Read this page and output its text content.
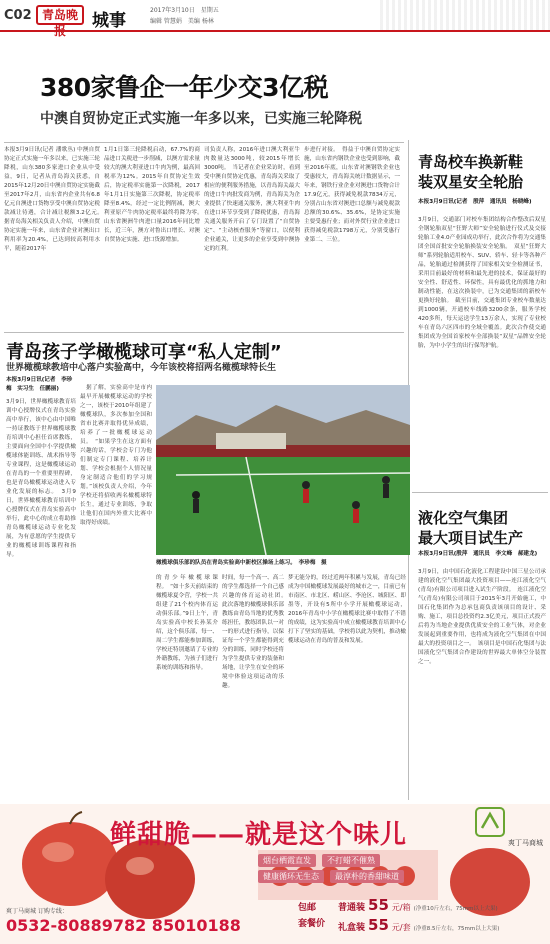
C02 青岛晚报	城事
2017年3月10日　星期五
编辑 管慧娟　美编 杨林
380家鲁企一年少交3亿税
中澳自贸协定正式实施一年多以来，已实施三轮降税
本报3月9日讯(记者 潘歌丛) 中澳自贸协定正式实施一年多以来，已实施三轮降税，山东380多家进口企业从中受益，9日，记者从青岛海关获悉，自2015年12月20日中澳自贸协定实施截至2017年2月，山东省内企业共有6.8亿元自澳进口货物享受中澳自贸协定税款减让待遇，合计减让税额3.2亿元。　据青岛海关相关负责人介绍，中澳自贸协定实施一年来，山东省企业对澳出口利用率为20.4%，已达到较高利用水平，随着2017年
1月1日第三轮降税启动，67.7%的商品进口关税进一步削减，以澳方需求量较大的澳大利亚进口牛肉为例，最高回税率为12%。2015年自贸协定生效后，协定税率实施第一次降税，2017年1月1日实施第三次降税，协定税率降至8.4%，经过一定比例削减，澳大利亚原产牛肉协定税率最终将降为零。　山东省澳洲牛肉进口量2016年同比增长，近三年，澳方对鲁出口增长、对澳自贸协定实施、进口货源增加。
司负责人称，2016年进口澳大利亚牛肉数量达3000吨，较2015年增长3000吨。　当记者在企业采访时，看到受中澳自贸协定优惠，青岛海关采取了相应的便利服务措施，以青岛海关最大的进口牛肉批发商为例，青岛海关为企业提供了快速通关服务，澳大利亚牛肉在进口环节享受到了降税优惠，青岛海关通关服务开启了专门设置了“自贸协定”、“主动核查服务”等窗口，以便利企业通关，让更多的企业享受到中澳协定的红利。
步进行对接。　得益于中澳自贸协定实施，山东省内钢铁企业也受到影响，截至2016年底，山东省对澳钢铁企业也受惠较大，青岛海关统计数据显示，一年来，钢铁行业企业对澳进口货物合计17.9亿元，获得减免税款7834万元，分别占山东省对澳进口总额与减免税款总额的30.6%、35.6%，是协定实施主要受惠行业；而对外贸行业企业进口获得减免税款1798万元，分别受惠行业第二、三位。
青岛校车换新鞋
装双星安全轮胎
本报3月9日讯(记者　殷萍　通讯员　杨晓峰)
3月9日，交通部门对校车集团结构合作整改后双星全钢轮胎双星“狂野大师”安全轮胎进行仪式及交接轮胎工业4.0产业园成功举行，此次合作将为交通集团全国首批安全轮胎换装安全轮胎。　双星“狂野大师”系列轮胎适用校车、SUV、轿车、轻卡等各种产品，轮胎通过检测获得了国家相关安全检测证书，采用目前最好的材料和最先进的技术，保证最好的安全性、舒适性、环保性，具有最优化的抓地力和制动性能，在这次换装中，已为交通集团的新校车更换好轮胎。　截至目前，交通集团专业校车数量达到1000辆，开通校车线路3200余条，服务学校420多所，每天运送学生13万余人，实现了专业校车在青岛六区四市的全域全覆盖。此次合作使交通集团成为全国首家校车全部换装“双星”品牌安全轮胎，为中小学生的出行保驾护航。
液化空气集团
最大项目试生产
本报3月9日讯(殷萍　通讯员　李文峰　郝建龙)
3月9日，由中国石化液化工程建设中国三星公司承建的液化空气集团最大投资项目——连江液化空气(青岛)有限公司项目进入试生产阶段。　连江液化空气(青岛)有限公司项目于2015年3月开始施工，中国石化集团作为总承包商负责该项目的设计、采购、施工，项目总投资约2.3亿美元，项目正式投产后将为当地企业提供优质安全的工业气体，对企业发展起到重要作用，也将成为液化空气集团在中国最大的投资项目之一。　该项目是中国石化集团与法国液化空气集团合作建设的世界最大单体空分装置之一。
青岛孩子学橄榄球可享“私人定制”
世界橄榄球教培中心落户实验高中，今年该校将招两名橄榄球特长生
本报3月9日讯(记者　李珍梅　实习生　任鹏丽)
3月9日，世界橄榄球教育培训中心授牌仪式在青岛实验高中举行，该中心由中国唯一持证教练于世界橄榄球教育培训中心担任首席教练，主要面向全国中小学提供橄榄球体能训练、战术指导等专业课程，这是橄榄球运动在青岛的一个重要里程碑，也是青岛橄榄球运动进入专业化发展的标志。　3月9日，世界橄榄球教育培训中心授牌仪式在青岛实验高中举行，此中心的成立将助推青岛橄榄球运动专业化发展，为有意愿的学生提供专业的橄榄球训练课程和指导。
　据了解，实验高中是市内最早开展橄榄球运动的学校之一，该校于2010年组建了橄榄球队，多次参加全国和省市比赛并取得优异成绩，培养了一批橄榄球运动员。　“如果学生在这方面有兴趣的话，学校会专门为他们制定专门课程、培养计划、学校会根据个人情况量身定制适合他们的学习规划。”该校负责人介绍，今年学校还将招收两名橄榄球特长生，通过专业训练，争取让他们在国内外重大比赛中取得好成绩。
橄榄球俱乐部的队员在青岛实验高中新校区操场上练习。　李珍梅　摄
的青少年橄榄球课程。　“如十多天前结束的橄榄球夏令营，学校一共组建了21个校内体育运动俱乐部。”9日上午，青岛实验高中校长孙某介绍，这个俱乐部，每一、周二学生都能参加训练，学校还特别邀请了专业的外籍教练，为孩子们进行系统的训练和指导。
时间，每一个高一、高二的学生都选择一个自己感兴趣的体育运动社团。　此次落地的橄榄球俱乐部教练由青岛当地的优秀教练担任，教练团队以一对一的形式进行指导，以保证每一个学生都能得到充分的训练，同时学校还将为学生提供专业的装备和场地，让学生在安全的环境中体验这项运动的乐趣。
梦无能分的，经过近两年积累与发展，青岛已经成为中国橄榄球发展最好的城市之一，目前已有市南区、市北区、崂山区、李沧区、城阳区、即墨等，开设有5所中小学开展橄榄球运动，2016年青岛中小学在橄榄球比赛中取得了不错的成绩，这为实验高中成立橄榄球教育培训中心打下了坚实的基础，学校将以此为契机，推动橄榄球运动在青岛的普及和发展。
鲜甜脆——就是这个味儿	爽丁马商城
烟台栖霞直发	不打蜡不催熟
健康循环无生态	最淳朴的香甜味道
爽丁马商城 订购专线：
0532-80889782 85010188
包邮
套餐价
普通装 55 元/箱 (净重10斤左右，75mm以上大果)
礼盒装 55 元/套 (净重8.5斤左右，75mm以上大果)
